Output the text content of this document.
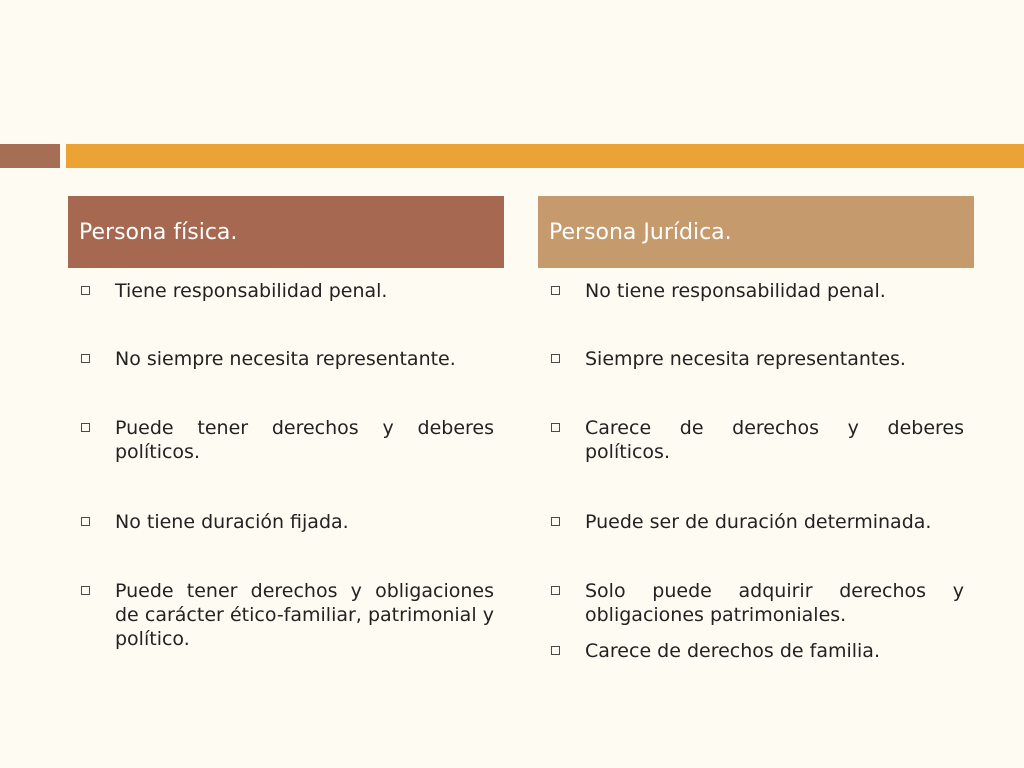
Persona física.
Tiene responsabilidad penal.
No siempre necesita representante.
Puede tener derechos y deberes políticos.
No tiene duración fijada.
Puede tener derechos y obligaciones de carácter ético-familiar, patrimonial y político.
Persona Jurídica.
No tiene responsabilidad penal.
Siempre necesita representantes.
Carece de derechos y deberes políticos.
Puede ser de duración determinada.
Solo puede adquirir derechos y obligaciones patrimoniales.
Carece de derechos de familia.
